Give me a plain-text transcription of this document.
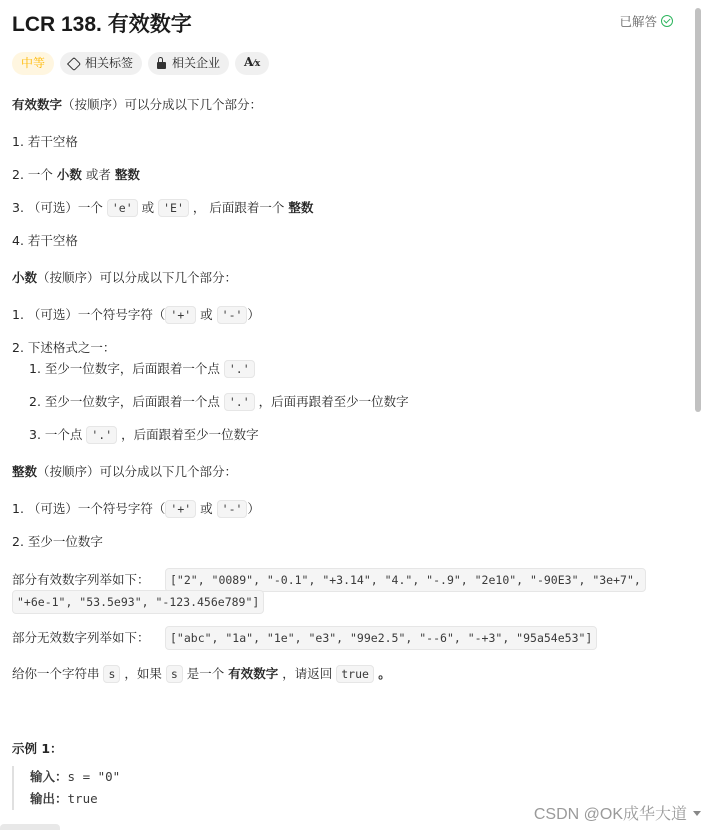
LCR 138. 有效数字	已解答
中等	相关标签	相关企业 A⁄x
有效数字（按顺序）可以分成以下几个部分：
1. 若干空格
2. 一个 小数 或者 整数
3. （可选）一个 'e' 或 'E' ， 后面跟着一个 整数
4. 若干空格
小数（按顺序）可以分成以下几个部分：
1. （可选）一个符号字符（ '+' 或 '-' ）
2. 下述格式之一：
1. 至少一位数字，后面跟着一个点 '.'
2. 至少一位数字，后面跟着一个点 '.' ，后面再跟着至少一位数字
3. 一个点 '.' ，后面跟着至少一位数字
整数（按顺序）可以分成以下几个部分：
1. （可选）一个符号字符（ '+' 或 '-' ）
2. 至少一位数字
部分有效数字列举如下： ["2", "0089", "-0.1", "+3.14", "4.", "-.9", "2e10", "-90E3", "3e+7",
"+6e-1", "53.5e93", "-123.456e789"]
部分无效数字列举如下： ["abc", "1a", "1e", "e3", "99e2.5", "--6", "-+3", "95a54e53"]
给你一个字符串 s ，如果 s 是一个 有效数字 ，请返回 true 。
示例 1：
输入：s = "0"
输出：true
CSDN @OK成华大道
